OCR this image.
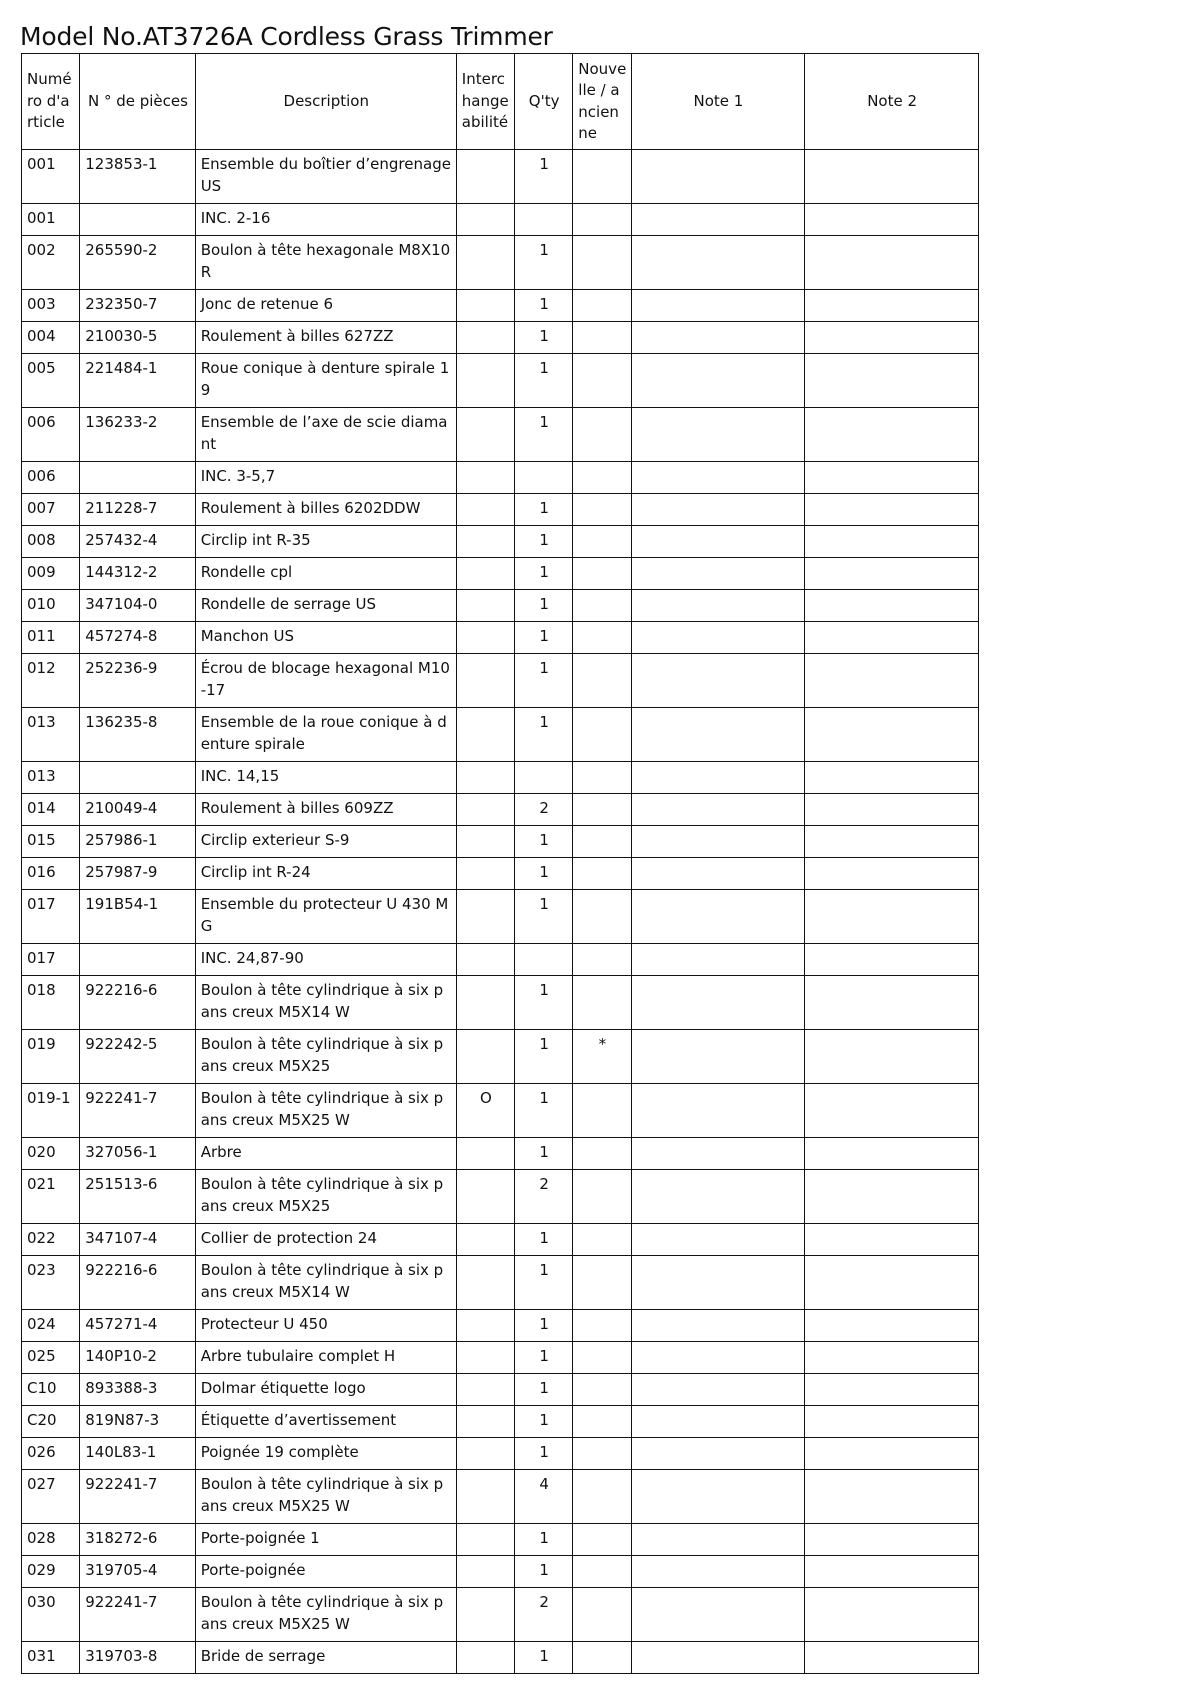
Model No.AT3726A Cordless Grass Trimmer
Numéro d'article	N ° de pièces	Description	Interchangeabilité	Q'ty	Nouvelle / ancienne	Note 1	Note 2
001	123853-1	Ensemble du boîtier d’engrenage US		1			
001		INC. 2-16					
002	265590-2	Boulon à tête hexagonale M8X10 R		1			
003	232350-7	Jonc de retenue 6		1			
004	210030-5	Roulement à billes 627ZZ		1			
005	221484-1	Roue conique à denture spirale 19		1			
006	136233-2	Ensemble de l’axe de scie diamant		1			
006		INC. 3-5,7					
007	211228-7	Roulement à billes 6202DDW		1			
008	257432-4	Circlip int R-35		1			
009	144312-2	Rondelle cpl		1			
010	347104-0	Rondelle de serrage US		1			
011	457274-8	Manchon US		1			
012	252236-9	Écrou de blocage hexagonal M10-17		1			
013	136235-8	Ensemble de la roue conique à denture spirale		1			
013		INC. 14,15					
014	210049-4	Roulement à billes 609ZZ		2			
015	257986-1	Circlip exterieur S-9		1			
016	257987-9	Circlip int R-24		1			
017	191B54-1	Ensemble du protecteur U 430 MG		1			
017		INC. 24,87-90					
018	922216-6	Boulon à tête cylindrique à six pans creux M5X14 W		1			
019	922242-5	Boulon à tête cylindrique à six pans creux M5X25		1	*		
019-1	922241-7	Boulon à tête cylindrique à six pans creux M5X25 W	O	1			
020	327056-1	Arbre		1			
021	251513-6	Boulon à tête cylindrique à six pans creux M5X25		2			
022	347107-4	Collier de protection 24		1			
023	922216-6	Boulon à tête cylindrique à six pans creux M5X14 W		1			
024	457271-4	Protecteur U 450		1			
025	140P10-2	Arbre tubulaire complet H		1			
C10	893388-3	Dolmar étiquette logo		1			
C20	819N87-3	Étiquette d’avertissement		1			
026	140L83-1	Poignée 19 complète		1			
027	922241-7	Boulon à tête cylindrique à six pans creux M5X25 W		4			
028	318272-6	Porte-poignée 1		1			
029	319705-4	Porte-poignée		1			
030	922241-7	Boulon à tête cylindrique à six pans creux M5X25 W		2			
031	319703-8	Bride de serrage		1			
